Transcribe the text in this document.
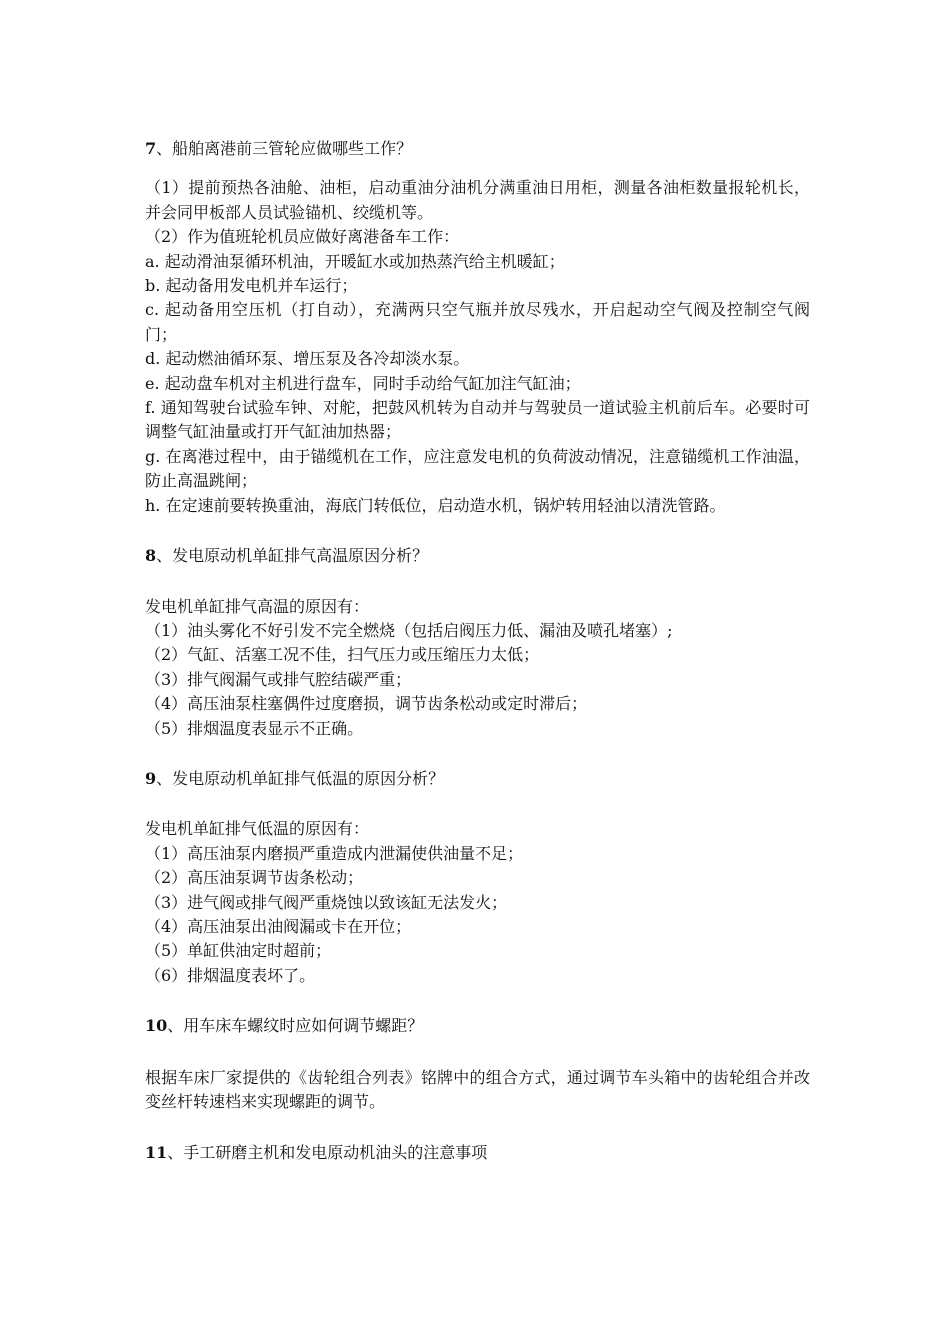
7、船舶离港前三管轮应做哪些工作？

（1）提前预热各油舱、油柜，启动重油分油机分满重油日用柜，测量各油柜数量报轮机长，并会同甲板部人员试验锚机、绞缆机等。

（2）作为值班轮机员应做好离港备车工作：

a. 起动滑油泵循环机油，开暖缸水或加热蒸汽给主机暖缸；

b. 起动备用发电机并车运行；

c. 起动备用空压机（打自动），充满两只空气瓶并放尽残水，开启起动空气阀及控制空气阀门；

d. 起动燃油循环泵、增压泵及各冷却淡水泵。

e. 起动盘车机对主机进行盘车，同时手动给气缸加注气缸油；

f. 通知驾驶台试验车钟、对舵，把鼓风机转为自动并与驾驶员一道试验主机前后车。必要时可调整气缸油量或打开气缸油加热器；

g. 在离港过程中，由于锚缆机在工作，应注意发电机的负荷波动情况，注意锚缆机工作油温，防止高温跳闸；

h. 在定速前要转换重油，海底门转低位，启动造水机，锅炉转用轻油以清洗管路。

8、发电原动机单缸排气高温原因分析？

发电机单缸排气高温的原因有：

（1）油头雾化不好引发不完全燃烧（包括启阀压力低、漏油及喷孔堵塞）;

（2）气缸、活塞工况不佳，扫气压力或压缩压力太低；

（3）排气阀漏气或排气腔结碳严重；

（4）高压油泵柱塞偶件过度磨损，调节齿条松动或定时滞后；

（5）排烟温度表显示不正确。

9、发电原动机单缸排气低温的原因分析？

发电机单缸排气低温的原因有：

（1）高压油泵内磨损严重造成内泄漏使供油量不足；

（2）高压油泵调节齿条松动；

（3）进气阀或排气阀严重烧蚀以致该缸无法发火；

（4）高压油泵出油阀漏或卡在开位；

（5）单缸供油定时超前；

（6）排烟温度表坏了。

10、用车床车螺纹时应如何调节螺距？

根据车床厂家提供的《齿轮组合列表》铭牌中的组合方式，通过调节车头箱中的齿轮组合并改变丝杆转速档来实现螺距的调节。

11、手工研磨主机和发电原动机油头的注意事项
